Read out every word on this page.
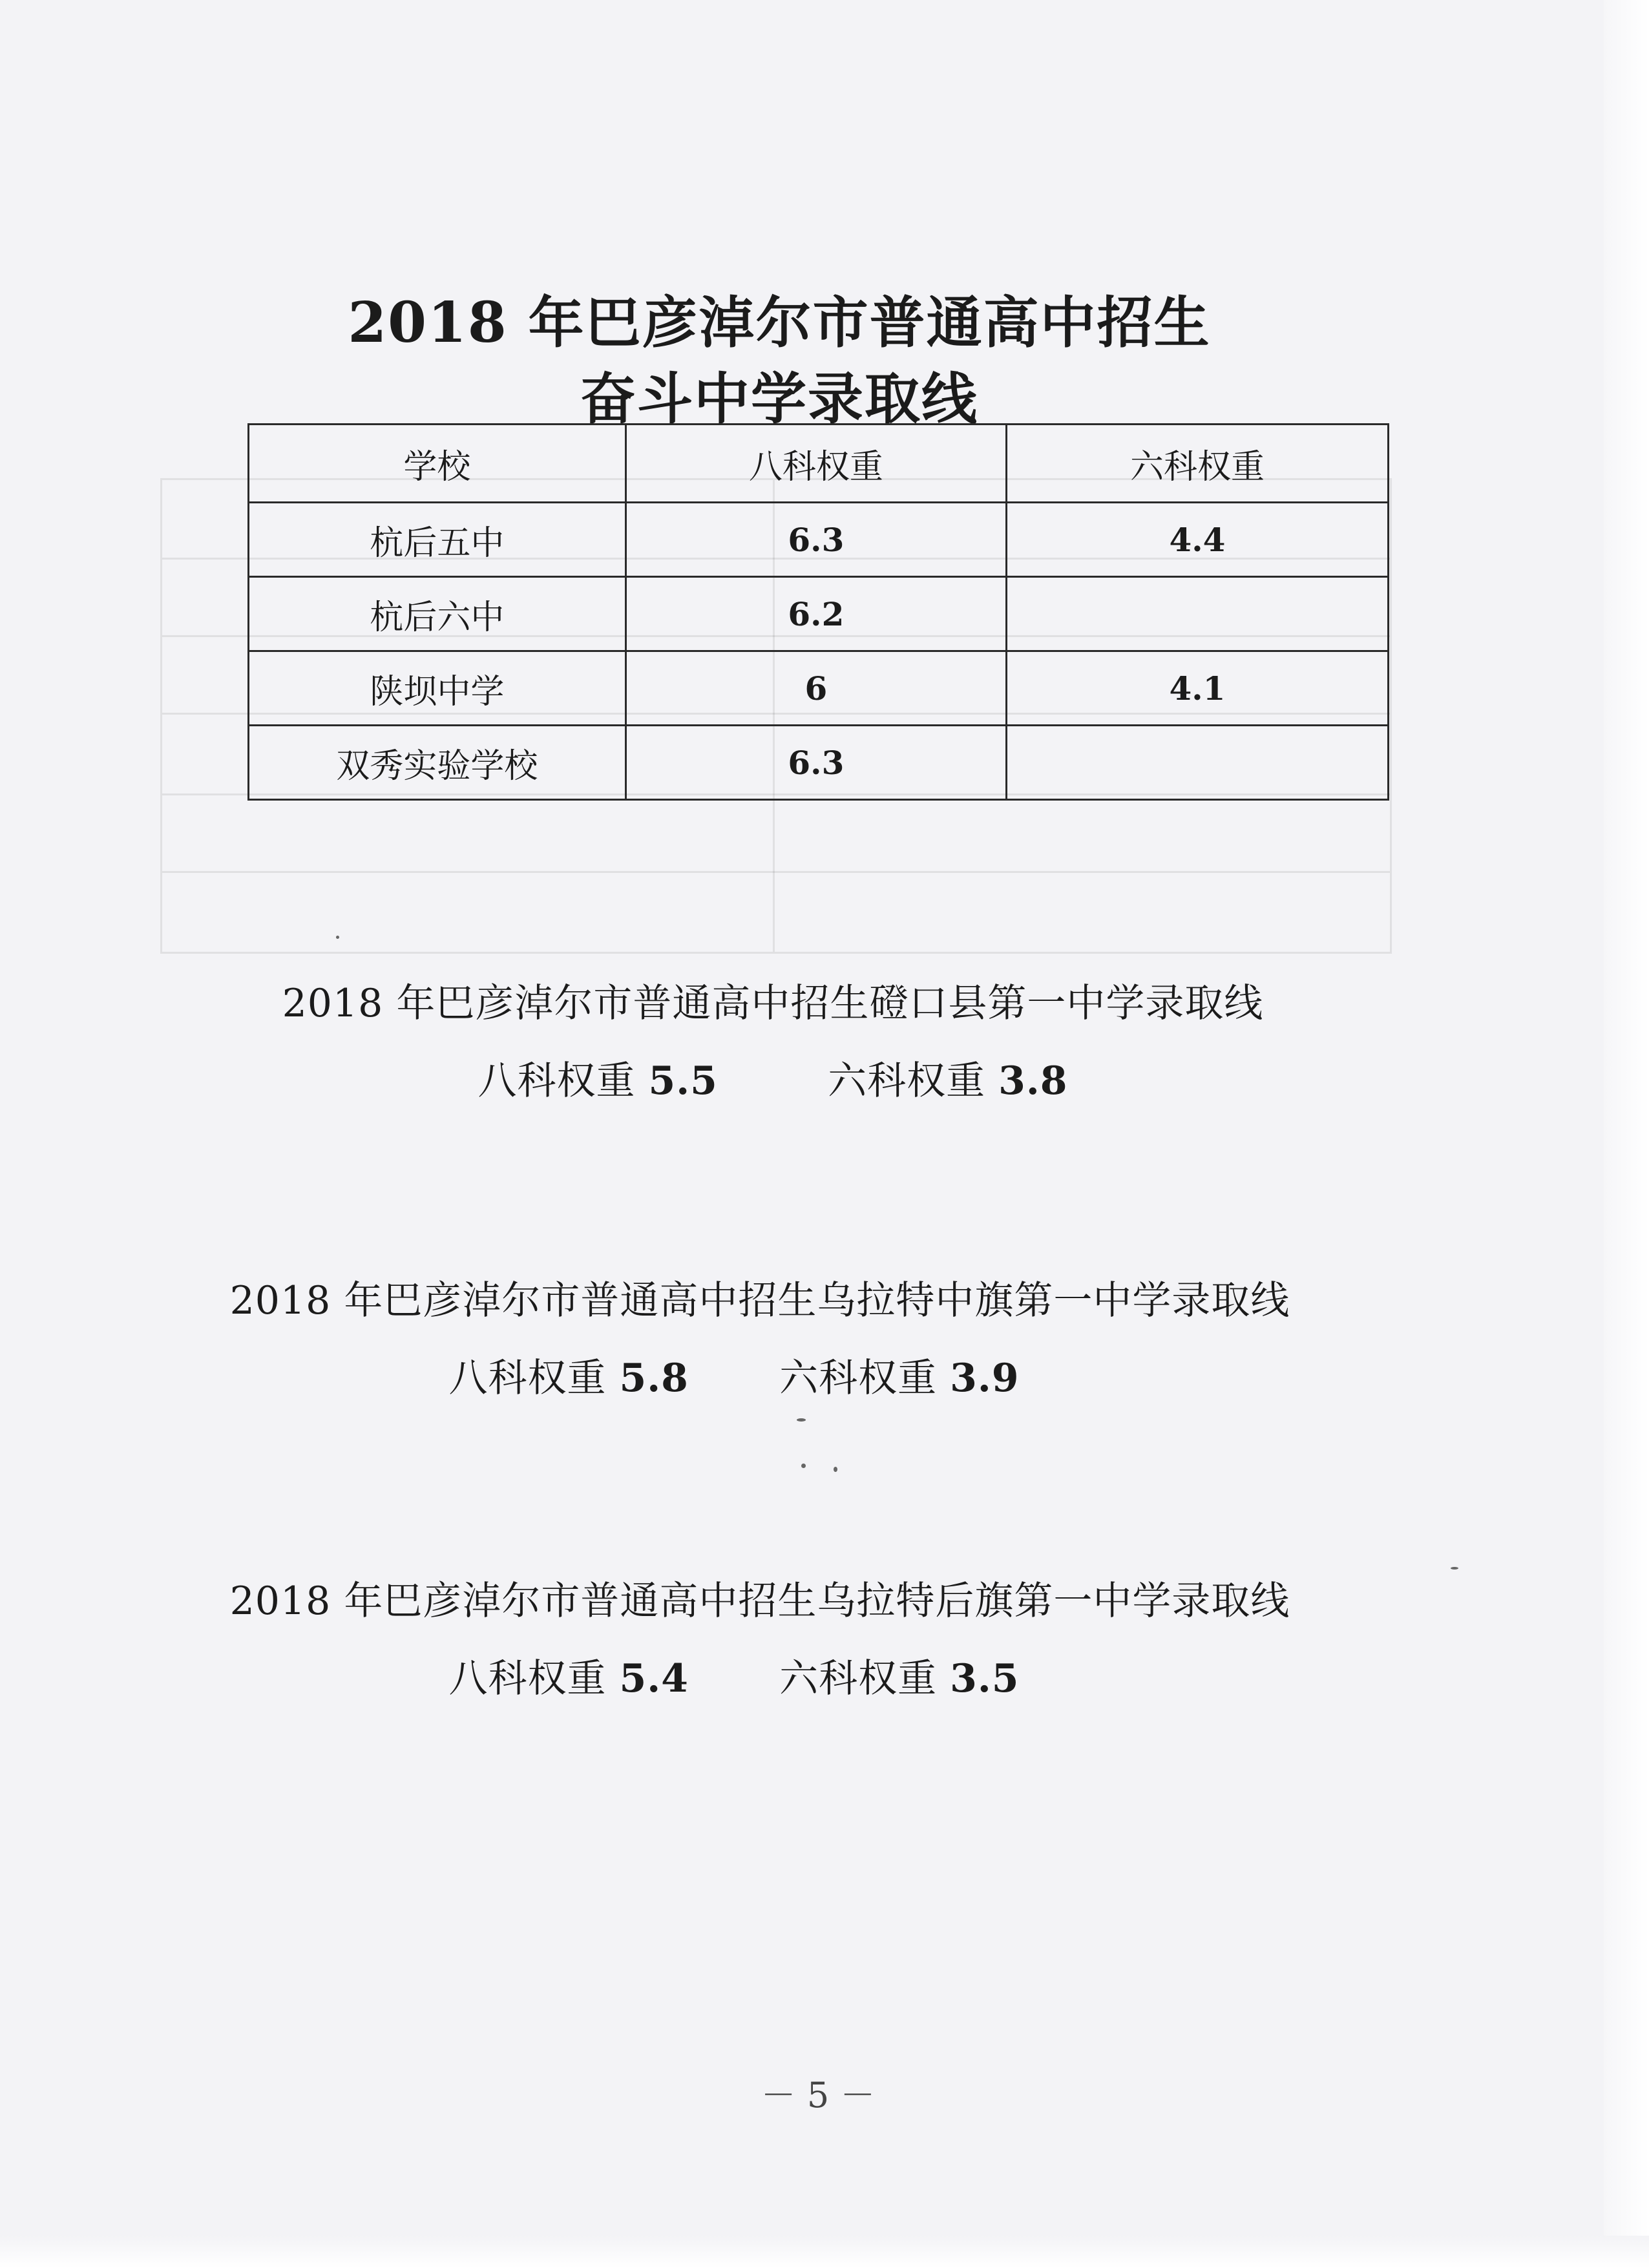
2018 年巴彦淖尔市普通高中招生
奋斗中学录取线
学校	八科权重	六科权重
杭后五中	6.3	4.4
杭后六中	6.2	
陕坝中学	6	4.1
双秀实验学校	6.3	
2018 年巴彦淖尔市普通高中招生磴口县第一中学录取线
八科权重 5.5	六科权重 3.8
2018 年巴彦淖尔市普通高中招生乌拉特中旗第一中学录取线
八科权重 5.8 六科权重 3.9
2018 年巴彦淖尔市普通高中招生乌拉特后旗第一中学录取线
八科权重 5.4 六科权重 3.5
－ 5 －
